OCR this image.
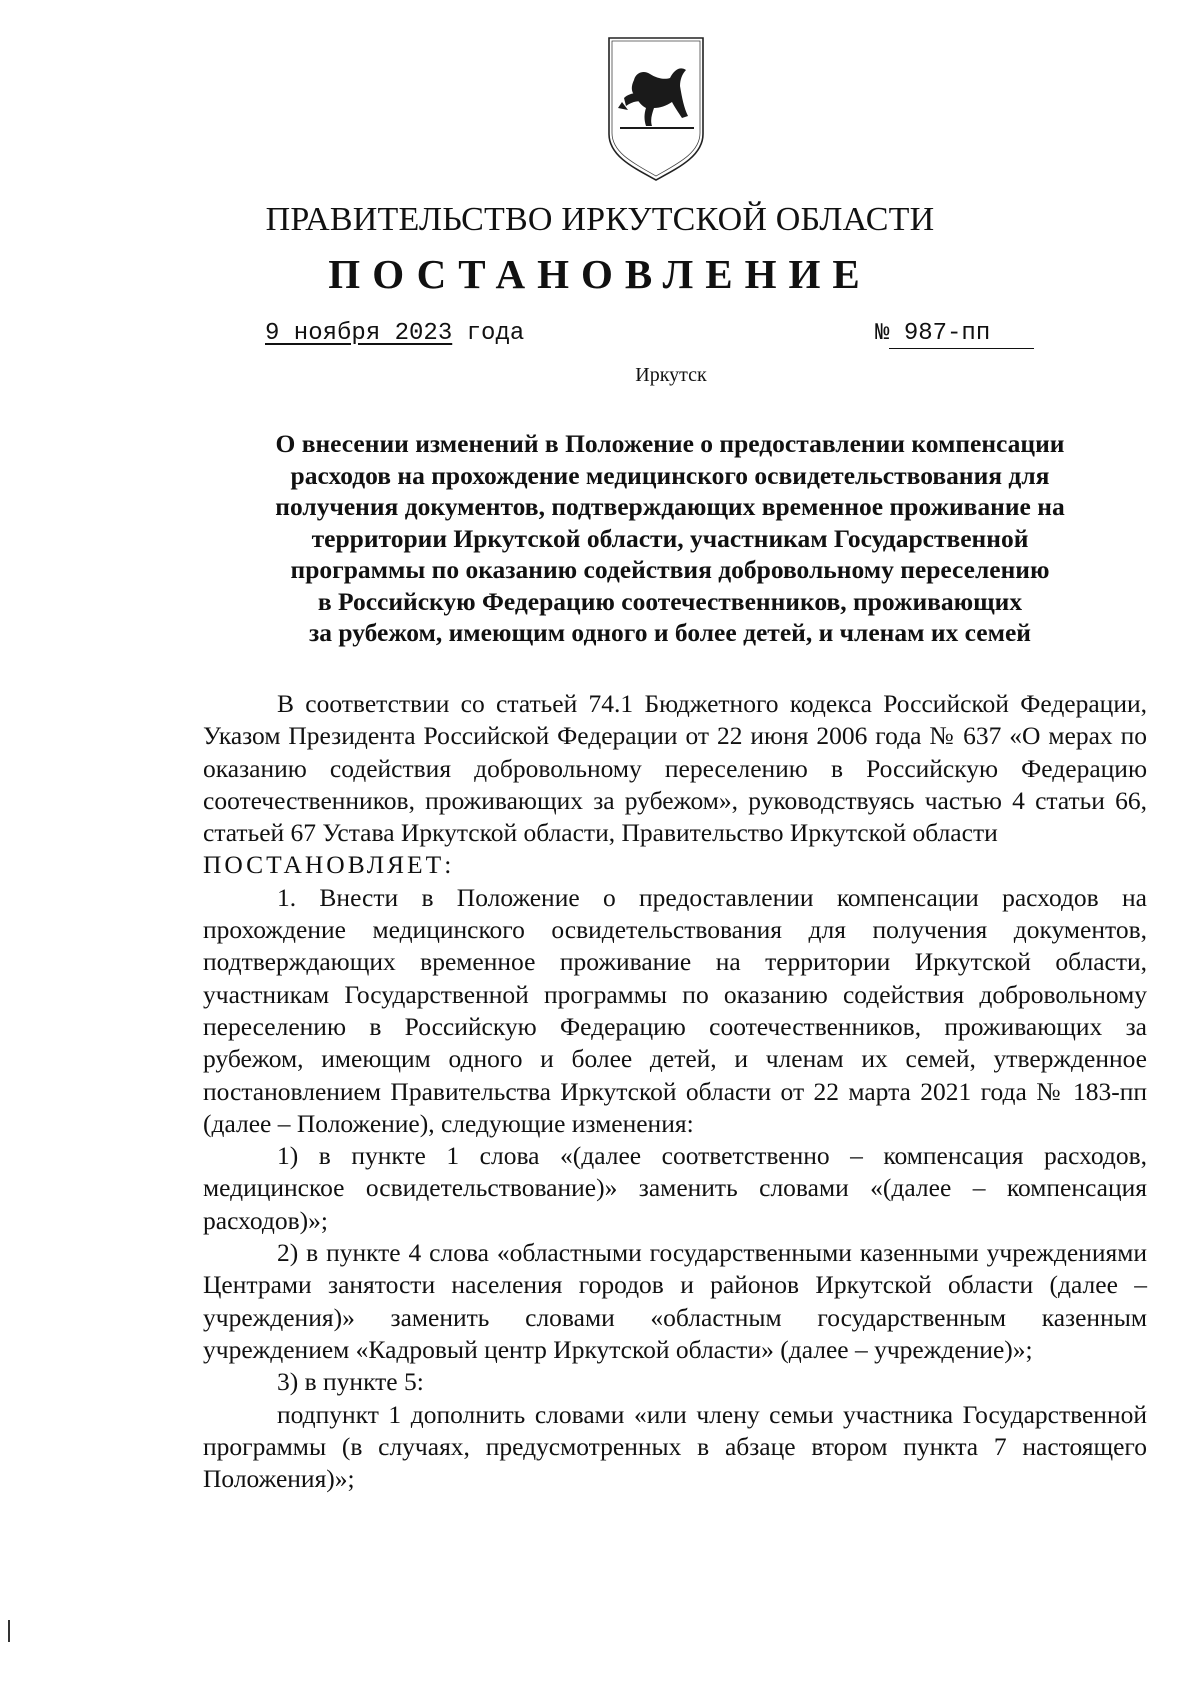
ПРАВИТЕЛЬСТВО ИРКУТСКОЙ ОБЛАСТИ
ПОСТАНОВЛЕНИЕ
9 ноября 2023 года	№ 987-пп
Иркутск
О внесении изменений в Положение о предоставлении компенсации
расходов на прохождение медицинского освидетельствования для
получения документов, подтверждающих временное проживание на
территории Иркутской области, участникам Государственной
программы по оказанию содействия добровольному переселению
в Российскую Федерацию соотечественников, проживающих
за рубежом, имеющим одного и более детей, и членам их семей

В соответствии со статьей 74.1 Бюджетного кодекса Российской Федерации, Указом Президента Российской Федерации от 22 июня 2006 года № 637 «О мерах по оказанию содействия добровольному переселению в Российскую Федерацию соотечественников, проживающих за рубежом», руководствуясь частью 4 статьи 66, статьей 67 Устава Иркутской области, Правительство Иркутской области

ПОСТАНОВЛЯЕТ:

1. Внести в Положение о предоставлении компенсации расходов на прохождение медицинского освидетельствования для получения документов, подтверждающих временное проживание на территории Иркутской области, участникам Государственной программы по оказанию содействия добровольному переселению в Российскую Федерацию соотечественников, проживающих за рубежом, имеющим одного и более детей, и членам их семей, утвержденное постановлением Правительства Иркутской области от 22 марта 2021 года № 183-пп (далее – Положение), следующие изменения:

1) в пункте 1 слова «(далее соответственно – компенсация расходов, медицинское освидетельствование)» заменить словами «(далее – компенсация расходов)»;

2) в пункте 4 слова «областными государственными казенными учреждениями Центрами занятости населения городов и районов Иркутской области (далее – учреждения)» заменить словами «областным государственным казенным учреждением «Кадровый центр Иркутской области» (далее – учреждение)»;

3) в пункте 5:

подпункт 1 дополнить словами «или члену семьи участника Государственной программы (в случаях, предусмотренных в абзаце втором пункта 7 настоящего Положения)»;
